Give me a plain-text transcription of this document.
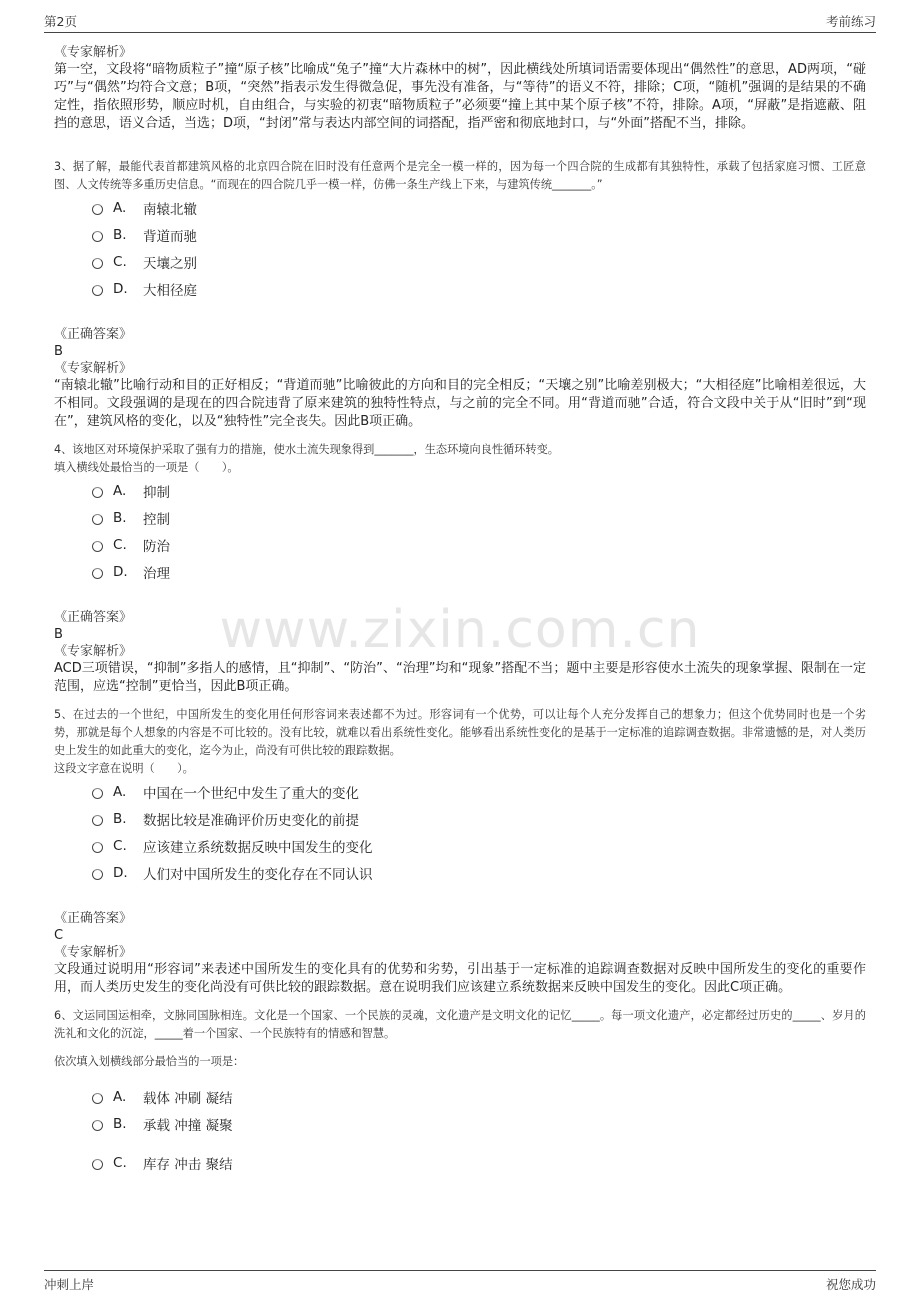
第2页	考前练习
www.zixin.com.cn
《专家解析》
第一空，文段将“暗物质粒子”撞“原子核”比喻成“兔子”撞“大片森林中的树”，因此横线处所填词语需要体现出“偶然性”的意思，AD两项，“碰巧”与“偶然”均符合文意；B项，“突然”指表示发生得微急促，事先没有准备，与“等待”的语义不符，排除；C项，“随机”强调的是结果的不确定性，指依照形势，顺应时机，自由组合，与实验的初衷“暗物质粒子”必须要“撞上其中某个原子核”不符，排除。A项，“屏蔽”是指遮蔽、阻挡的意思，语义合适，当选；D项，“封闭”常与表达内部空间的词搭配，指严密和彻底地封口，与“外面”搭配不当，排除。
3、据了解，最能代表首都建筑风格的北京四合院在旧时没有任意两个是完全一模一样的，因为每一个四合院的生成都有其独特性，承载了包括家庭习惯、工匠意图、人文传统等多重历史信息。“而现在的四合院几乎一模一样，仿佛一条生产线上下来，与建筑传统_______。”
A .	南辕北辙
B .	背道而驰
C .	天壤之别
D .	大相径庭
《正确答案》
B
《专家解析》
“南辕北辙”比喻行动和目的正好相反；“背道而驰”比喻彼此的方向和目的完全相反；“天壤之别”比喻差别极大；“大相径庭”比喻相差很远，大不相同。文段强调的是现在的四合院违背了原来建筑的独特性特点，与之前的完全不同。用“背道而驰”合适，符合文段中关于从“旧时”到“现在”，建筑风格的变化，以及“独特性”完全丧失。因此B项正确。
4、该地区对环境保护采取了强有力的措施，使水土流失现象得到_______，生态环境向良性循环转变。
填入横线处最恰当的一项是（　　）。
A .	抑制
B .	控制
C .	防治
D .	治理
《正确答案》
B
《专家解析》
ACD三项错误，“抑制”多指人的感情，且“抑制”、“防治”、“治理”均和“现象”搭配不当；题中主要是形容使水土流失的现象掌握、限制在一定范围，应选“控制”更恰当，因此B项正确。
5、在过去的一个世纪，中国所发生的变化用任何形容词来表述都不为过。形容词有一个优势，可以让每个人充分发挥自己的想象力；但这个优势同时也是一个劣势，那就是每个人想象的内容是不可比较的。没有比较，就难以看出系统性变化。能够看出系统性变化的是基于一定标准的追踪调查数据。非常遗憾的是，对人类历史上发生的如此重大的变化，迄今为止，尚没有可供比较的跟踪数据。
这段文字意在说明（　　）。
A .	中国在一个世纪中发生了重大的变化
B .	数据比较是准确评价历史变化的前提
C .	应该建立系统数据反映中国发生的变化
D .	人们对中国所发生的变化存在不同认识
《正确答案》
C
《专家解析》
文段通过说明用“形容词”来表述中国所发生的变化具有的优势和劣势，引出基于一定标准的追踪调查数据对反映中国所发生的变化的重要作用，而人类历史发生的变化尚没有可供比较的跟踪数据。意在说明我们应该建立系统数据来反映中国发生的变化。因此C项正确。
6、文运同国运相牵，文脉同国脉相连。文化是一个国家、一个民族的灵魂，文化遗产是文明文化的记忆_____。每一项文化遗产，必定都经过历史的_____、岁月的洗礼和文化的沉淀，_____着一个国家、一个民族特有的情感和智慧。
依次填入划横线部分最恰当的一项是：
A .	载体 冲刷 凝结
B .	承载 冲撞 凝聚
C .	库存 冲击 聚结
冲刺上岸	祝您成功
